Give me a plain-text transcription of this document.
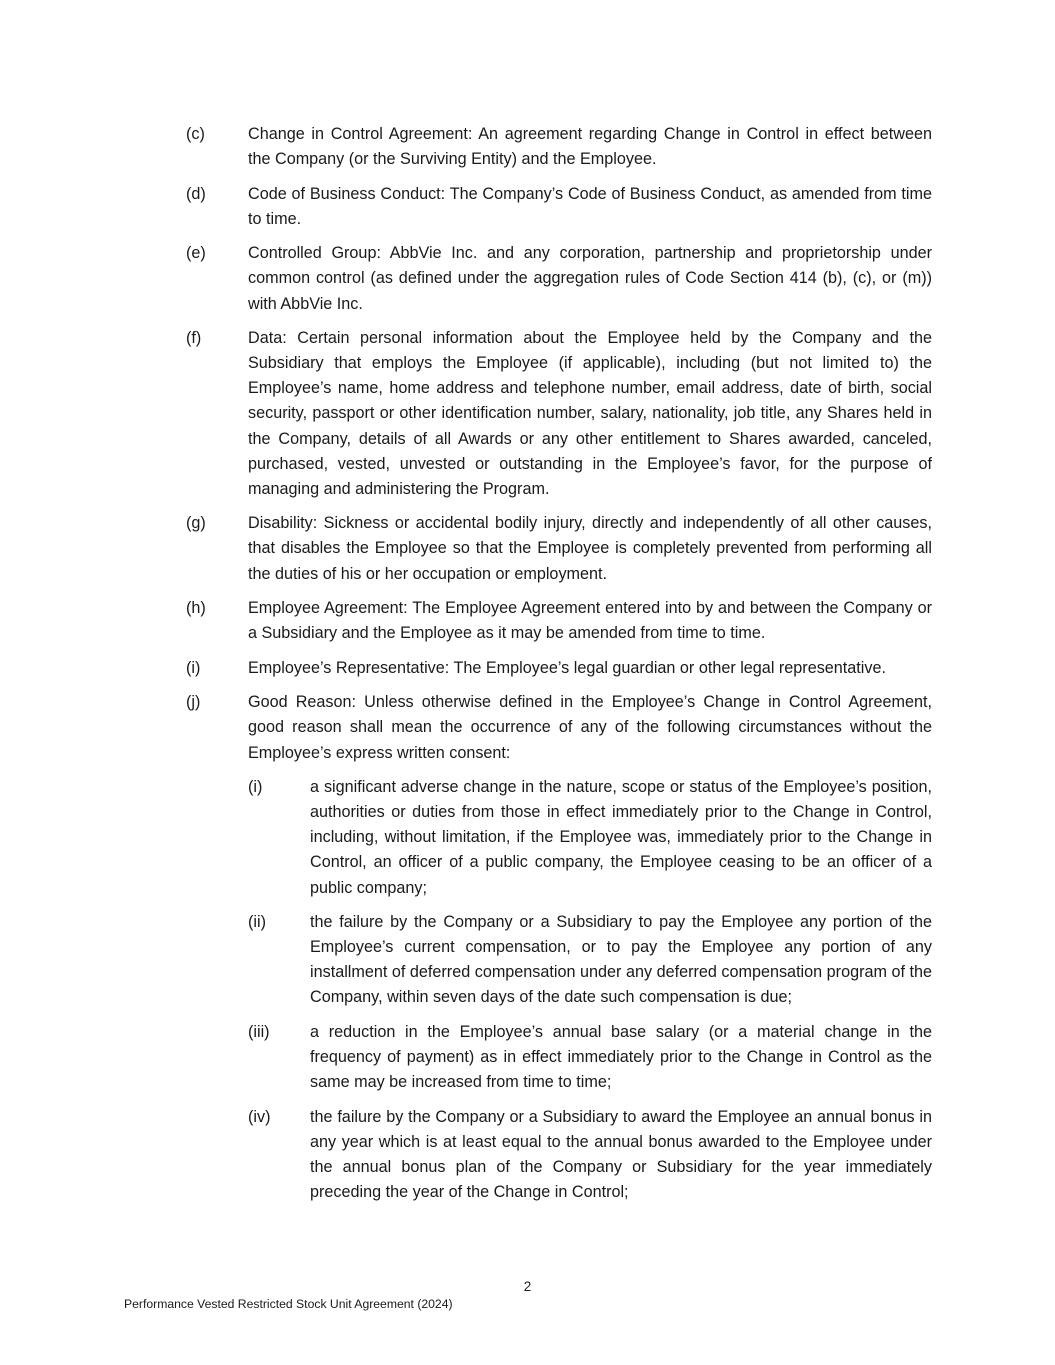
(c)	Change in Control Agreement: An agreement regarding Change in Control in effect between the Company (or the Surviving Entity) and the Employee.
(d)	Code of Business Conduct: The Company’s Code of Business Conduct, as amended from time to time.
(e)	Controlled Group: AbbVie Inc. and any corporation, partnership and proprietorship under common control (as defined under the aggregation rules of Code Section 414 (b), (c), or (m)) with AbbVie Inc.
(f)	Data: Certain personal information about the Employee held by the Company and the Subsidiary that employs the Employee (if applicable), including (but not limited to) the Employee’s name, home address and telephone number, email address, date of birth, social security, passport or other identification number, salary, nationality, job title, any Shares held in the Company, details of all Awards or any other entitlement to Shares awarded, canceled, purchased, vested, unvested or outstanding in the Employee’s favor, for the purpose of managing and administering the Program.
(g)	Disability: Sickness or accidental bodily injury, directly and independently of all other causes, that disables the Employee so that the Employee is completely prevented from performing all the duties of his or her occupation or employment.
(h)	Employee Agreement: The Employee Agreement entered into by and between the Company or a Subsidiary and the Employee as it may be amended from time to time.
(i)	Employee’s Representative: The Employee’s legal guardian or other legal representative.
(j)	Good Reason: Unless otherwise defined in the Employee’s Change in Control Agreement, good reason shall mean the occurrence of any of the following circumstances without the Employee’s express written consent:
(i)	a significant adverse change in the nature, scope or status of the Employee’s position, authorities or duties from those in effect immediately prior to the Change in Control, including, without limitation, if the Employee was, immediately prior to the Change in Control, an officer of a public company, the Employee ceasing to be an officer of a public company;
(ii)	the failure by the Company or a Subsidiary to pay the Employee any portion of the Employee’s current compensation, or to pay the Employee any portion of any installment of deferred compensation under any deferred compensation program of the Company, within seven days of the date such compensation is due;
(iii)	a reduction in the Employee’s annual base salary (or a material change in the frequency of payment) as in effect immediately prior to the Change in Control as the same may be increased from time to time;
(iv)	the failure by the Company or a Subsidiary to award the Employee an annual bonus in any year which is at least equal to the annual bonus awarded to the Employee under the annual bonus plan of the Company or Subsidiary for the year immediately preceding the year of the Change in Control;
2
Performance Vested Restricted Stock Unit Agreement (2024)
